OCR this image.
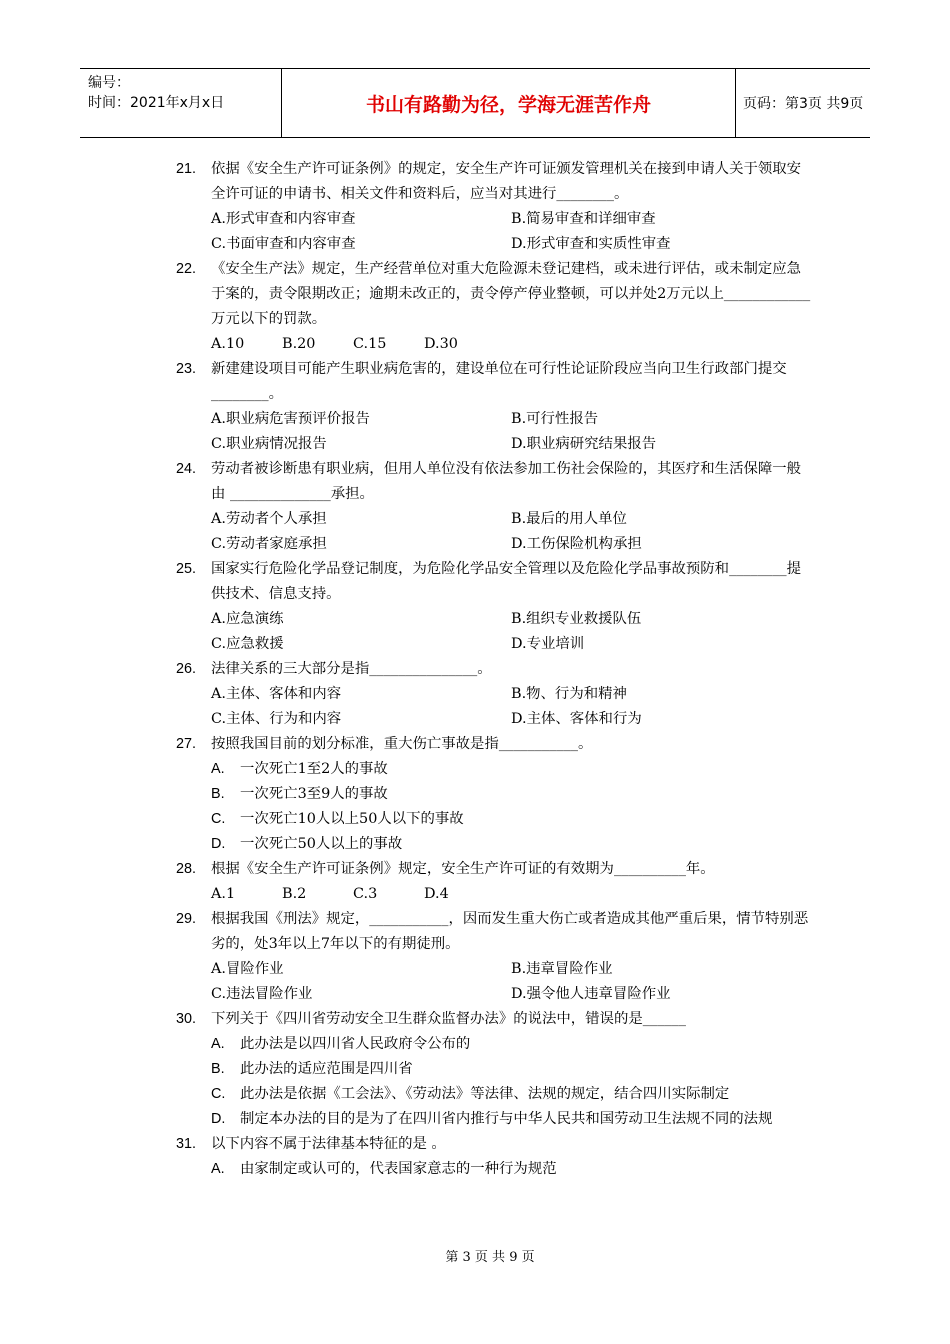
编号：
时间：2021年x月x日	书山有路勤为径，学海无涯苦作舟	页码：第3页 共9页
21. 依据《安全生产许可证条例》的规定，安全生产许可证颁发管理机关在接到申请人关于领取安全许可证的申请书、相关文件和资料后，应当对其进行________。
A.形式审查和内容审查	B.简易审查和详细审查
C.书面审查和内容审查	D.形式审查和实质性审查
22. 《安全生产法》规定，生产经营单位对重大危险源未登记建档，或未进行评估，或未制定应急于案的，责令限期改正；逾期未改正的，责令停产停业整顿，可以并处2万元以上____________万元以下的罚款。
A.10	B.20	C.15	D.30
23. 新建建设项目可能产生职业病危害的，建设单位在可行性论证阶段应当向卫生行政部门提交________。
A.职业病危害预评价报告	B.可行性报告
C.职业病情况报告	D.职业病研究结果报告
24. 劳动者被诊断患有职业病，但用人单位没有依法参加工伤社会保险的，其医疗和生活保障一般由 ______________承担。
A.劳动者个人承担	B.最后的用人单位
C.劳动者家庭承担	D.工伤保险机构承担
25. 国家实行危险化学品登记制度，为危险化学品安全管理以及危险化学品事故预防和________提供技术、信息支持。
A.应急演练	B.组织专业救援队伍
C.应急救援	D.专业培训
26. 法律关系的三大部分是指_______________。
A.主体、客体和内容	B.物、行为和精神
C.主体、行为和内容	D.主体、客体和行为
27. 按照我国目前的划分标准，重大伤亡事故是指___________。
A. 一次死亡1至2人的事故
B. 一次死亡3至9人的事故
C. 一次死亡10人以上50人以下的事故
D. 一次死亡50人以上的事故
28. 根据《安全生产许可证条例》规定，安全生产许可证的有效期为__________年。
A.1	B.2	C.3	D.4
29. 根据我国《刑法》规定，___________，因而发生重大伤亡或者造成其他严重后果，情节特别恶劣的，处3年以上7年以下的有期徒刑。
A.冒险作业	B.违章冒险作业
C.违法冒险作业	D.强令他人违章冒险作业
30. 下列关于《四川省劳动安全卫生群众监督办法》的说法中，错误的是______
A. 此办法是以四川省人民政府令公布的
B. 此办法的适应范围是四川省
C. 此办法是依据《工会法》、《劳动法》等法律、法规的规定，结合四川实际制定
D. 制定本办法的目的是为了在四川省内推行与中华人民共和国劳动卫生法规不同的法规
31. 以下内容不属于法律基本特征的是 。
A. 由家制定或认可的，代表国家意志的一种行为规范
第 3 页 共 9 页
